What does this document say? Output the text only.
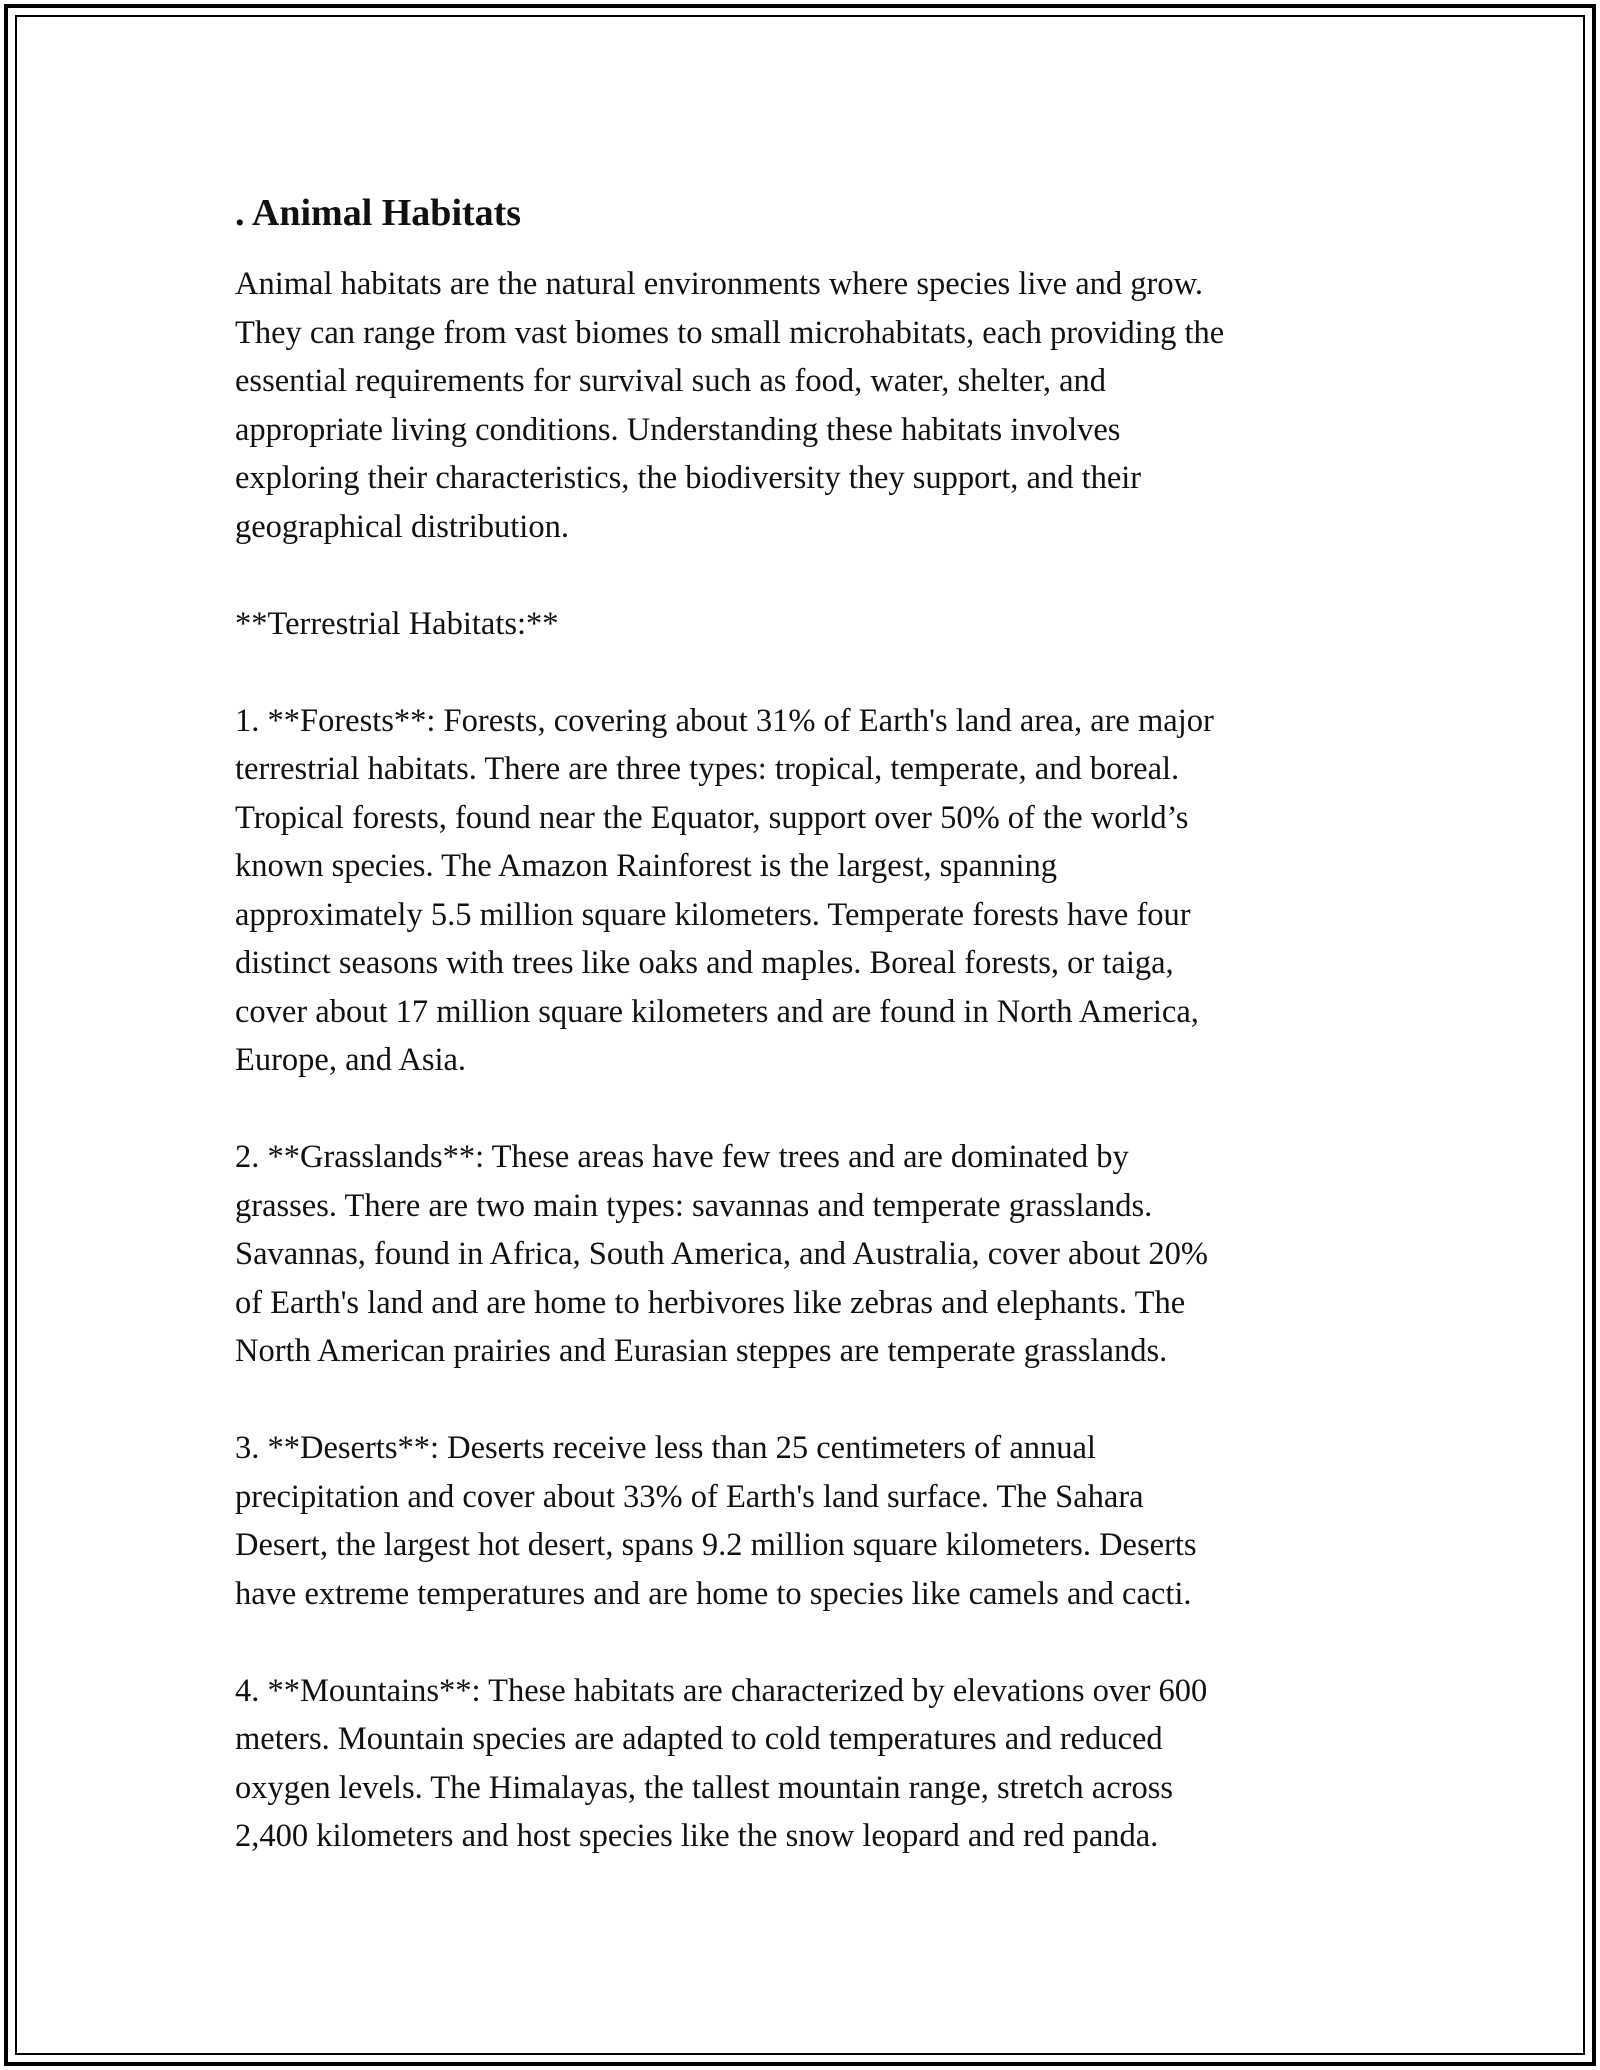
. Animal Habitats

Animal habitats are the natural environments where species live and grow.
They can range from vast biomes to small microhabitats, each providing the
essential requirements for survival such as food, water, shelter, and
appropriate living conditions. Understanding these habitats involves
exploring their characteristics, the biodiversity they support, and their
geographical distribution.

**Terrestrial Habitats:**

1. **Forests**: Forests, covering about 31% of Earth's land area, are major
terrestrial habitats. There are three types: tropical, temperate, and boreal.
Tropical forests, found near the Equator, support over 50% of the world’s
known species. The Amazon Rainforest is the largest, spanning
approximately 5.5 million square kilometers. Temperate forests have four
distinct seasons with trees like oaks and maples. Boreal forests, or taiga,
cover about 17 million square kilometers and are found in North America,
Europe, and Asia.

2. **Grasslands**: These areas have few trees and are dominated by
grasses. There are two main types: savannas and temperate grasslands.
Savannas, found in Africa, South America, and Australia, cover about 20%
of Earth's land and are home to herbivores like zebras and elephants. The
North American prairies and Eurasian steppes are temperate grasslands.

3. **Deserts**: Deserts receive less than 25 centimeters of annual
precipitation and cover about 33% of Earth's land surface. The Sahara
Desert, the largest hot desert, spans 9.2 million square kilometers. Deserts
have extreme temperatures and are home to species like camels and cacti.

4. **Mountains**: These habitats are characterized by elevations over 600
meters. Mountain species are adapted to cold temperatures and reduced
oxygen levels. The Himalayas, the tallest mountain range, stretch across
2,400 kilometers and host species like the snow leopard and red panda.
